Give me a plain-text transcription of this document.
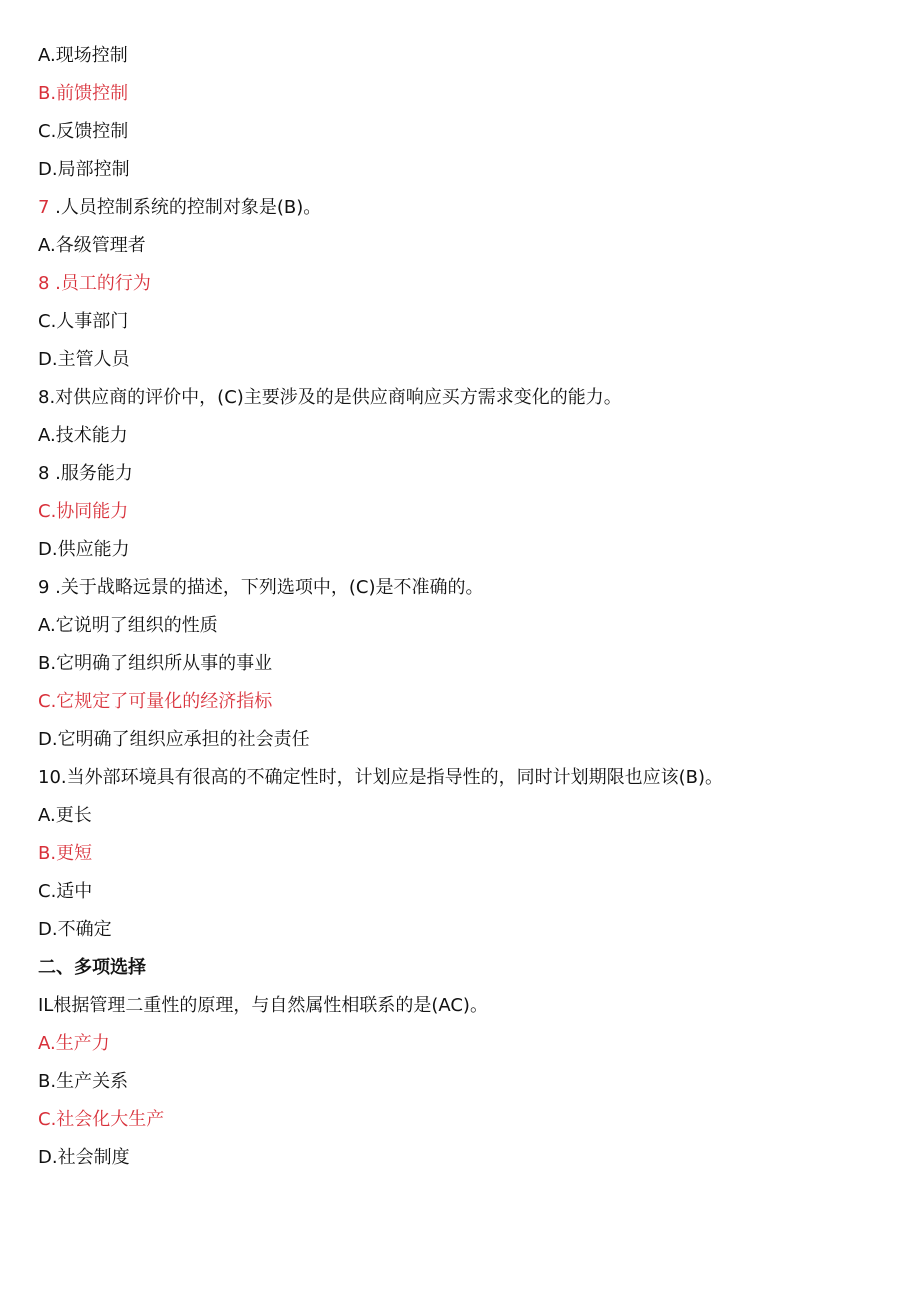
A.现场控制
B.前馈控制
C.反馈控制
D.局部控制
7 .人员控制系统的控制对象是(B)。
A.各级管理者
8 .员工的行为
C.人事部门
D.主管人员
8.对供应商的评价中，(C)主要涉及的是供应商响应买方需求变化的能力。
A.技术能力
8 .服务能力
C.协同能力
D.供应能力
9 .关于战略远景的描述，下列选项中，(C)是不准确的。
A.它说明了组织的性质
B.它明确了组织所从事的事业
C.它规定了可量化的经济指标
D.它明确了组织应承担的社会责任
10.当外部环境具有很高的不确定性时，计划应是指导性的，同时计划期限也应该(B)。
A.更长
B.更短
C.适中
D.不确定
二、多项选择
IL根据管理二重性的原理，与自然属性相联系的是(AC)。
A.生产力
B.生产关系
C.社会化大生产
D.社会制度
